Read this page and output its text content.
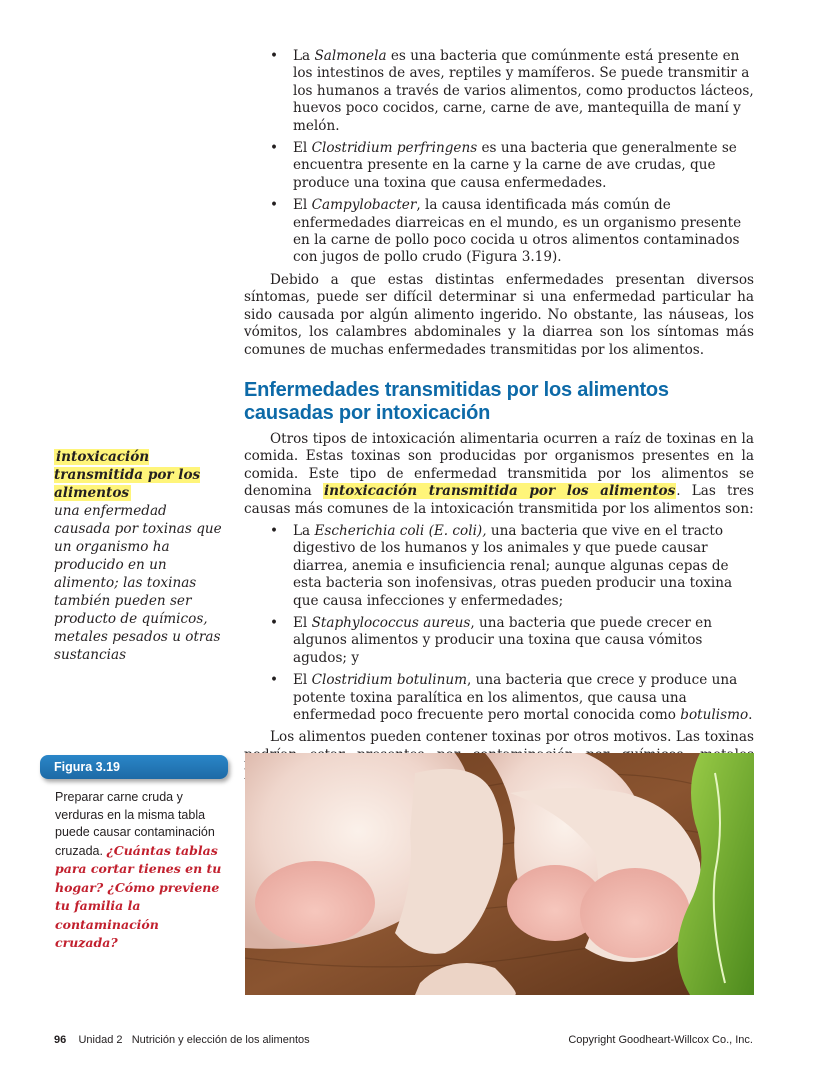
• La Salmonela es una bacteria que comúnmente está presente en los intestinos de aves, reptiles y mamíferos. Se puede transmitir a los humanos a través de varios alimentos, como productos lácteos, huevos poco cocidos, carne, carne de ave, mantequilla de maní y melón.
• El Clostridium perfringens es una bacteria que generalmente se encuentra presente en la carne y la carne de ave crudas, que produce una toxina que causa enfermedades.
• El Campylobacter, la causa identificada más común de enfermedades diarreicas en el mundo, es un organismo presente en la carne de pollo poco cocida u otros alimentos contaminados con jugos de pollo crudo (Figura 3.19).

Debido a que estas distintas enfermedades presentan diversos síntomas, puede ser difícil determinar si una enfermedad particular ha sido causada por algún alimento ingerido. No obstante, las náuseas, los vómitos, los calambres abdominales y la diarrea son los síntomas más comunes de muchas enfermedades transmitidas por los alimentos.

Enfermedades transmitidas por los alimentos causadas por intoxicación

Otros tipos de intoxicación alimentaria ocurren a raíz de toxinas en la comida. Estas toxinas son producidas por organismos presentes en la comida. Este tipo de enfermedad transmitida por los alimentos se denomina intoxicación transmitida por los alimentos. Las tres causas más comunes de la intoxicación transmitida por los alimentos son:

• La Escherichia coli (E. coli), una bacteria que vive en el tracto digestivo de los humanos y los animales y que puede causar diarrea, anemia e insuficiencia renal; aunque algunas cepas de esta bacteria son inofensivas, otras pueden producir una toxina que causa infecciones y enfermedades;
• El Staphylococcus aureus, una bacteria que puede crecer en algunos alimentos y producir una toxina que causa vómitos agudos; y
• El Clostridium botulinum, una bacteria que crece y produce una potente toxina paralítica en los alimentos, que causa una enfermedad poco frecuente pero mortal conocida como botulismo.

Los alimentos pueden contener toxinas por otros motivos. Las toxinas

intoxicación transmitida por los alimentos
una enfermedad causada por toxinas que un organismo ha producido en un alimento; las toxinas también pueden ser producto de químicos, metales pesados u otras sustancias
Figura 3.19
Preparar carne cruda y verduras en la misma tabla puede causar contaminación cruzada. ¿Cuántas tablas para cortar tienes en tu hogar? ¿Cómo previene tu familia la contaminación cruzada?
96 Unidad 2 Nutrición y elección de los alimentos	Copyright Goodheart-Willcox Co., Inc.
